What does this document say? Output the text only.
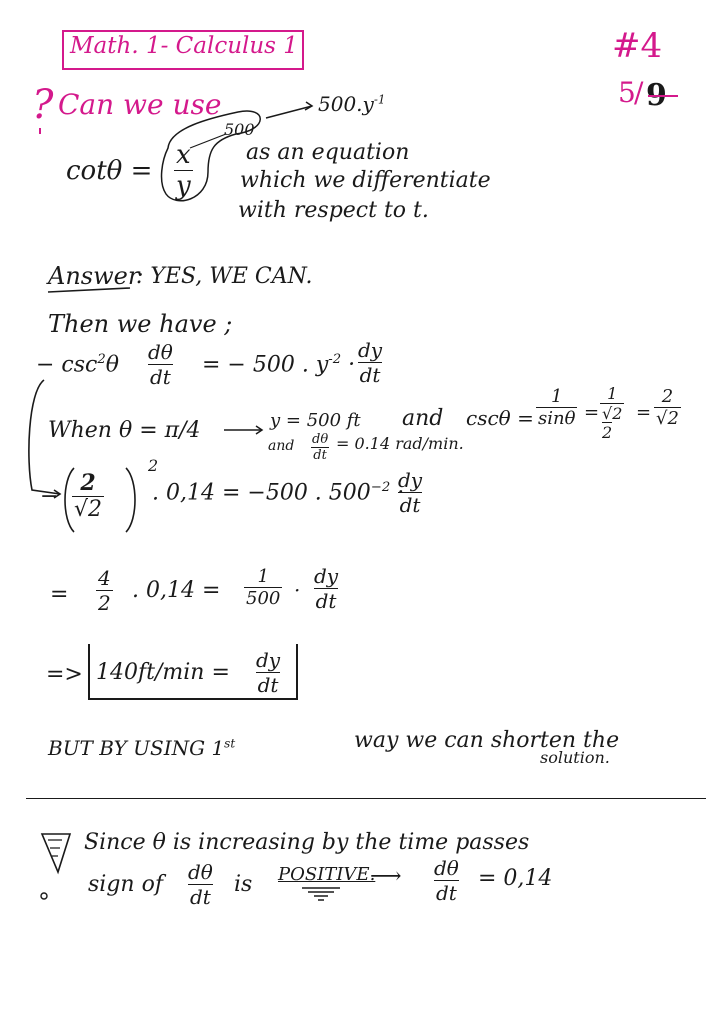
Math. 1- Calculus 1	#4
5
/ 9
? Can we use
500
$500.y^{-1}$
$\cot\theta = \frac{x}{y}$ as an equation
which we differentiate
with respect to t.
Answer
: YES, WE CAN.
Then we have ;
− $\csc^2\theta \frac{d\theta}{dt}$ = − 500 . $y^{-2} \cdot \frac{dy}{dt}$
When θ = π/4	y = 500 ft and $\csc\theta = \frac{1}{\sin\theta}$ =
1
√2
2
= $\frac{2}{√2}$
and $\frac{d\theta}{dt} = 0.14$ rad/min.
− $\frac{2}{√2}$
2
. 0,14 = −500 . $500^{-2}$ ·
$\frac{dy}{dt}$
= $\frac{4}{2}$ . $0,14 = \frac{1}{500} \cdot \frac{dy}{dt}$
=> $140ft/\min = \frac{dy}{dt}$
BUT BY USING 1st	way we can shorten the
solution.
Since θ is increasing by the time passes
sign of $\frac{d\theta}{dt}$ is POSITIVE.
⟶ $\frac{d\theta}{dt} = 0,14$
